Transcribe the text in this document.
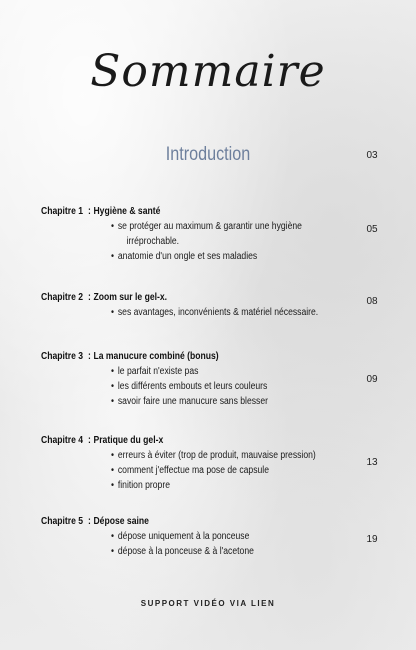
Sommaire
Introduction	03
Chapitre 1 : Hygiène & santé
• se protéger au maximum & garantir une hygiène
irréprochable.
• anatomie d'un ongle et ses maladies
05
Chapitre 2 : Zoom sur le gel-x.
• ses avantages, inconvénients & matériel nécessaire.
08
Chapitre 3 : La manucure combiné (bonus)
• le parfait n'existe pas
• les différents embouts et leurs couleurs
• savoir faire une manucure sans blesser
09
Chapitre 4 : Pratique du gel-x
• erreurs à éviter (trop de produit, mauvaise pression)
• comment j'effectue ma pose de capsule
• finition propre
13
Chapitre 5 : Dépose saine
• dépose uniquement à la ponceuse
• dépose à la ponceuse & à l'acetone
19
SUPPORT VIDÉO VIA LIEN
